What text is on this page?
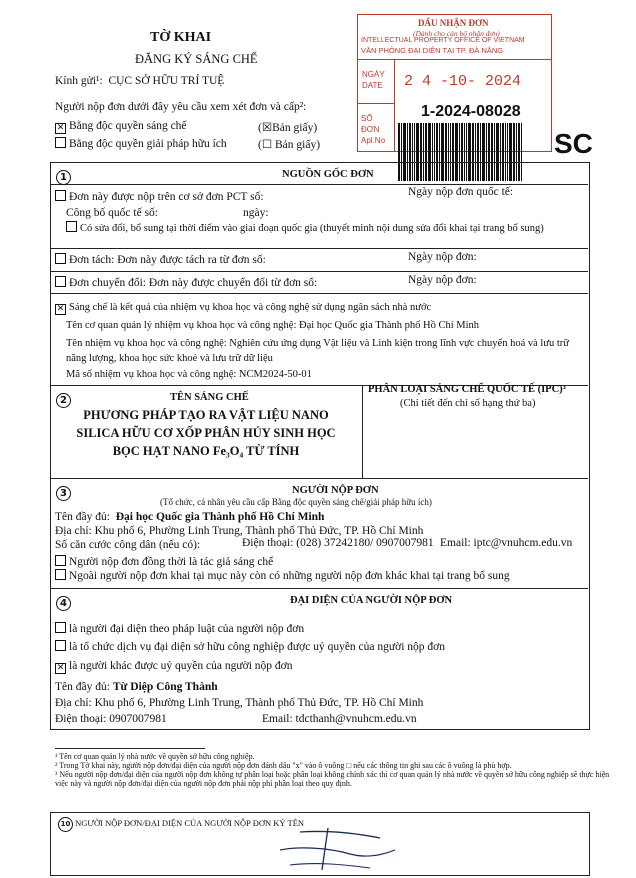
TỜ KHAI
ĐĂNG KÝ SÁNG CHẾ
Kính gửi¹: CỤC SỞ HỮU TRÍ TUỆ
Người nộp đơn dưới đây yêu cầu xem xét đơn và cấp²:
✕ Bằng độc quyền sáng chế	(☒Bản giấy)
Bằng độc quyền giải pháp hữu ích	(☐ Bản giấy)
DẤU NHẬN ĐƠN
(Dành cho cán bộ nhận đơn)
INTELLECTUAL PROPERTY OFFICE OF VIETNAM
VĂN PHÒNG ĐẠI DIỆN TẠI TP. ĐÀ NẴNG
NGÀY DATE	2 4 -10- 2024
SỐ ĐƠN Apl.No
1-2024-08028
SC
1	NGUỒN GỐC ĐƠN
Đơn này được nộp trên cơ sở đơn PCT số:	Ngày nộp đơn quốc tế:
Công bố quốc tế số:	ngày:
Có sửa đổi, bổ sung tại thời điểm vào giai đoạn quốc gia (thuyết minh nội dung sửa đổi khai tại trang bổ sung)
Đơn tách: Đơn này được tách ra từ đơn số:	Ngày nộp đơn:
Đơn chuyển đổi: Đơn này được chuyển đổi từ đơn số:	Ngày nộp đơn:
✕ Sáng chế là kết quả của nhiệm vụ khoa học và công nghệ sử dụng ngân sách nhà nước
Tên cơ quan quản lý nhiệm vụ khoa học và công nghệ: Đại học Quốc gia Thành phố Hồ Chí Minh
Tên nhiệm vụ khoa học và công nghệ: Nghiên cứu ứng dụng Vật liệu và Linh kiện trong lĩnh vực chuyển hoá và lưu trữ năng lượng, khoa học sức khoẻ và lưu trữ dữ liệu
Mã số nhiệm vụ khoa học và công nghệ: NCM2024-50-01
2	TÊN SÁNG CHẾ
PHƯƠNG PHÁP TẠO RA VẬT LIỆU NANO
SILICA HỮU CƠ XỐP PHÂN HỦY SINH HỌC
BỌC HẠT NANO Fe₃O₄ TỪ TÍNH
PHÂN LOẠI SÁNG CHẾ QUỐC TẾ (IPC)³
(Chỉ tiết đến chỉ số hạng thứ ba)
3	NGƯỜI NỘP ĐƠN
(Tổ chức, cá nhân yêu cầu cấp Bằng độc quyền sáng chế/giải pháp hữu ích)
Tên đầy đủ: Đại học Quốc gia Thành phố Hồ Chí Minh
Địa chỉ: Khu phố 6, Phường Linh Trung, Thành phố Thủ Đức, TP. Hồ Chí Minh
Số căn cước công dân (nếu có):	Điện thoại: (028) 37242180/ 0907007981 Email: iptc@vnuhcm.edu.vn
Người nộp đơn đồng thời là tác giả sáng chế
Ngoài người nộp đơn khai tại mục này còn có những người nộp đơn khác khai tại trang bổ sung
4	ĐẠI DIỆN CỦA NGƯỜI NỘP ĐƠN
là người đại diện theo pháp luật của người nộp đơn
là tổ chức dịch vụ đại diện sở hữu công nghiệp được uỷ quyền của người nộp đơn
✕ là người khác được uỷ quyền của người nộp đơn
Tên đầy đủ: Từ Diệp Công Thành
Địa chỉ: Khu phố 6, Phường Linh Trung, Thành phố Thủ Đức, TP. Hồ Chí Minh
Điện thoại: 0907007981	Email: tdcthanh@vnuhcm.edu.vn
¹ Tên cơ quan quản lý nhà nước về quyền sở hữu công nghiệp.
² Trong Tờ khai này, người nộp đơn/đại diện của người nộp đơn đánh dấu "x" vào ô vuông □ nếu các thông tin ghi sau các ô vuông là phù hợp.
³ Nếu người nộp đơn/đại diện của người nộp đơn không tự phân loại hoặc phân loại không chính xác thì cơ quan quản lý nhà nước về quyền sở hữu công nghiệp sẽ thực hiện việc này và người nộp đơn/đại diện của người nộp đơn phải nộp phí phân loại theo quy định.
10 NGƯỜI NỘP ĐƠN/ĐẠI DIỆN CỦA NGƯỜI NỘP ĐƠN KÝ TÊN
